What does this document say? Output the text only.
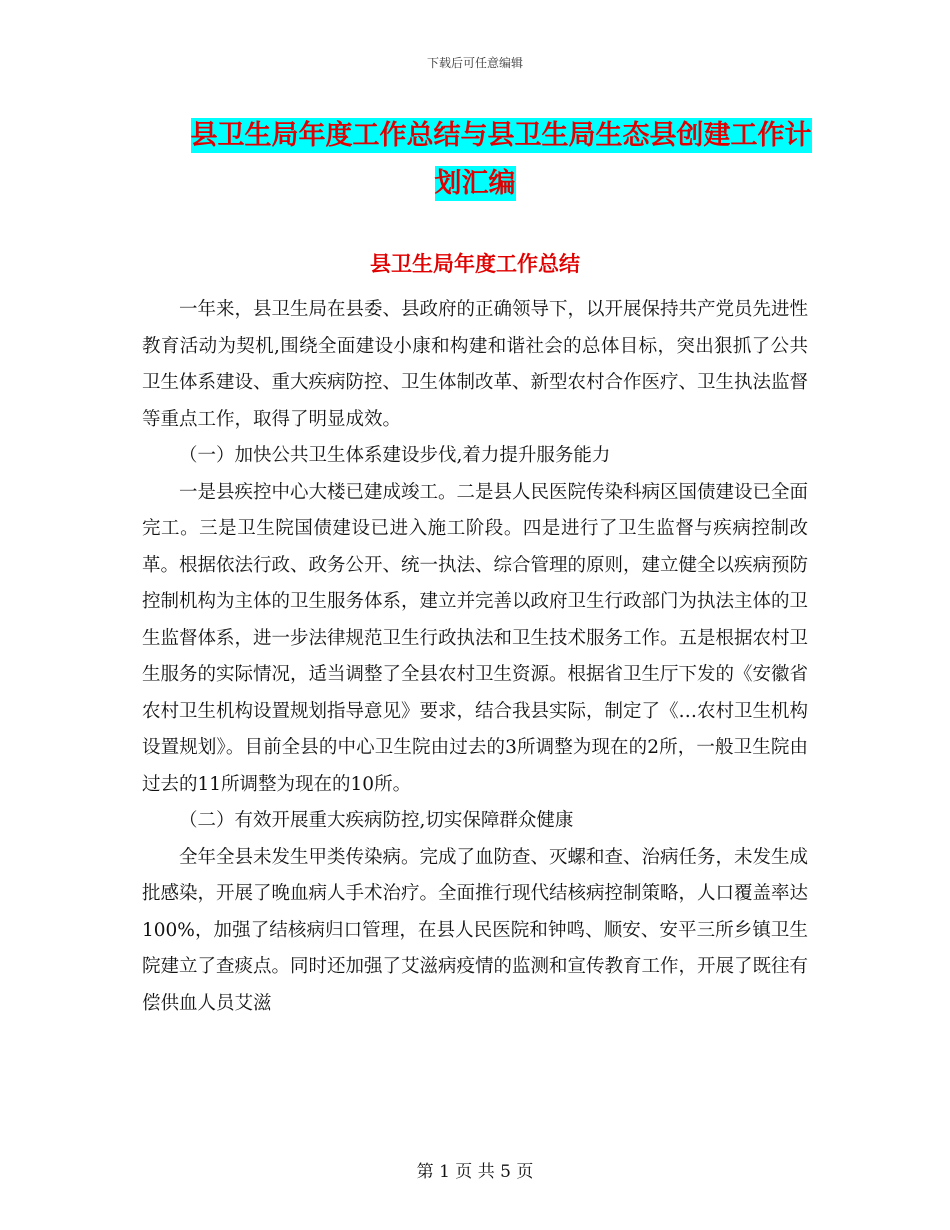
下载后可任意编辑
县卫生局年度工作总结与县卫生局生态县创建工作计
划汇编
县卫生局年度工作总结

一年来，县卫生局在县委、县政府的正确领导下，以开展保持共产党员先进性教育活动为契机,围绕全面建设小康和构建和谐社会的总体目标，突出狠抓了公共卫生体系建设、重大疾病防控、卫生体制改革、新型农村合作医疗、卫生执法监督等重点工作，取得了明显成效。

（一）加快公共卫生体系建设步伐,着力提升服务能力

一是县疾控中心大楼已建成竣工。二是县人民医院传染科病区国债建设已全面完工。三是卫生院国债建设已进入施工阶段。四是进行了卫生监督与疾病控制改革。根据依法行政、政务公开、统一执法、综合管理的原则，建立健全以疾病预防控制机构为主体的卫生服务体系，建立并完善以政府卫生行政部门为执法主体的卫生监督体系，进一步法律规范卫生行政执法和卫生技术服务工作。五是根据农村卫生服务的实际情况，适当调整了全县农村卫生资源。根据省卫生厅下发的《安徽省农村卫生机构设置规划指导意见》要求，结合我县实际，制定了《…农村卫生机构设置规划》。目前全县的中心卫生院由过去的3所调整为现在的2所，一般卫生院由过去的11所调整为现在的10所。

（二）有效开展重大疾病防控,切实保障群众健康

全年全县未发生甲类传染病。完成了血防查、灭螺和查、治病任务，未发生成批感染，开展了晚血病人手术治疗。全面推行现代结核病控制策略，人口覆盖率达100%，加强了结核病归口管理，在县人民医院和钟鸣、顺安、安平三所乡镇卫生院建立了查痰点。同时还加强了艾滋病疫情的监测和宣传教育工作，开展了既往有偿供血人员艾滋

第 1 页 共 5 页
